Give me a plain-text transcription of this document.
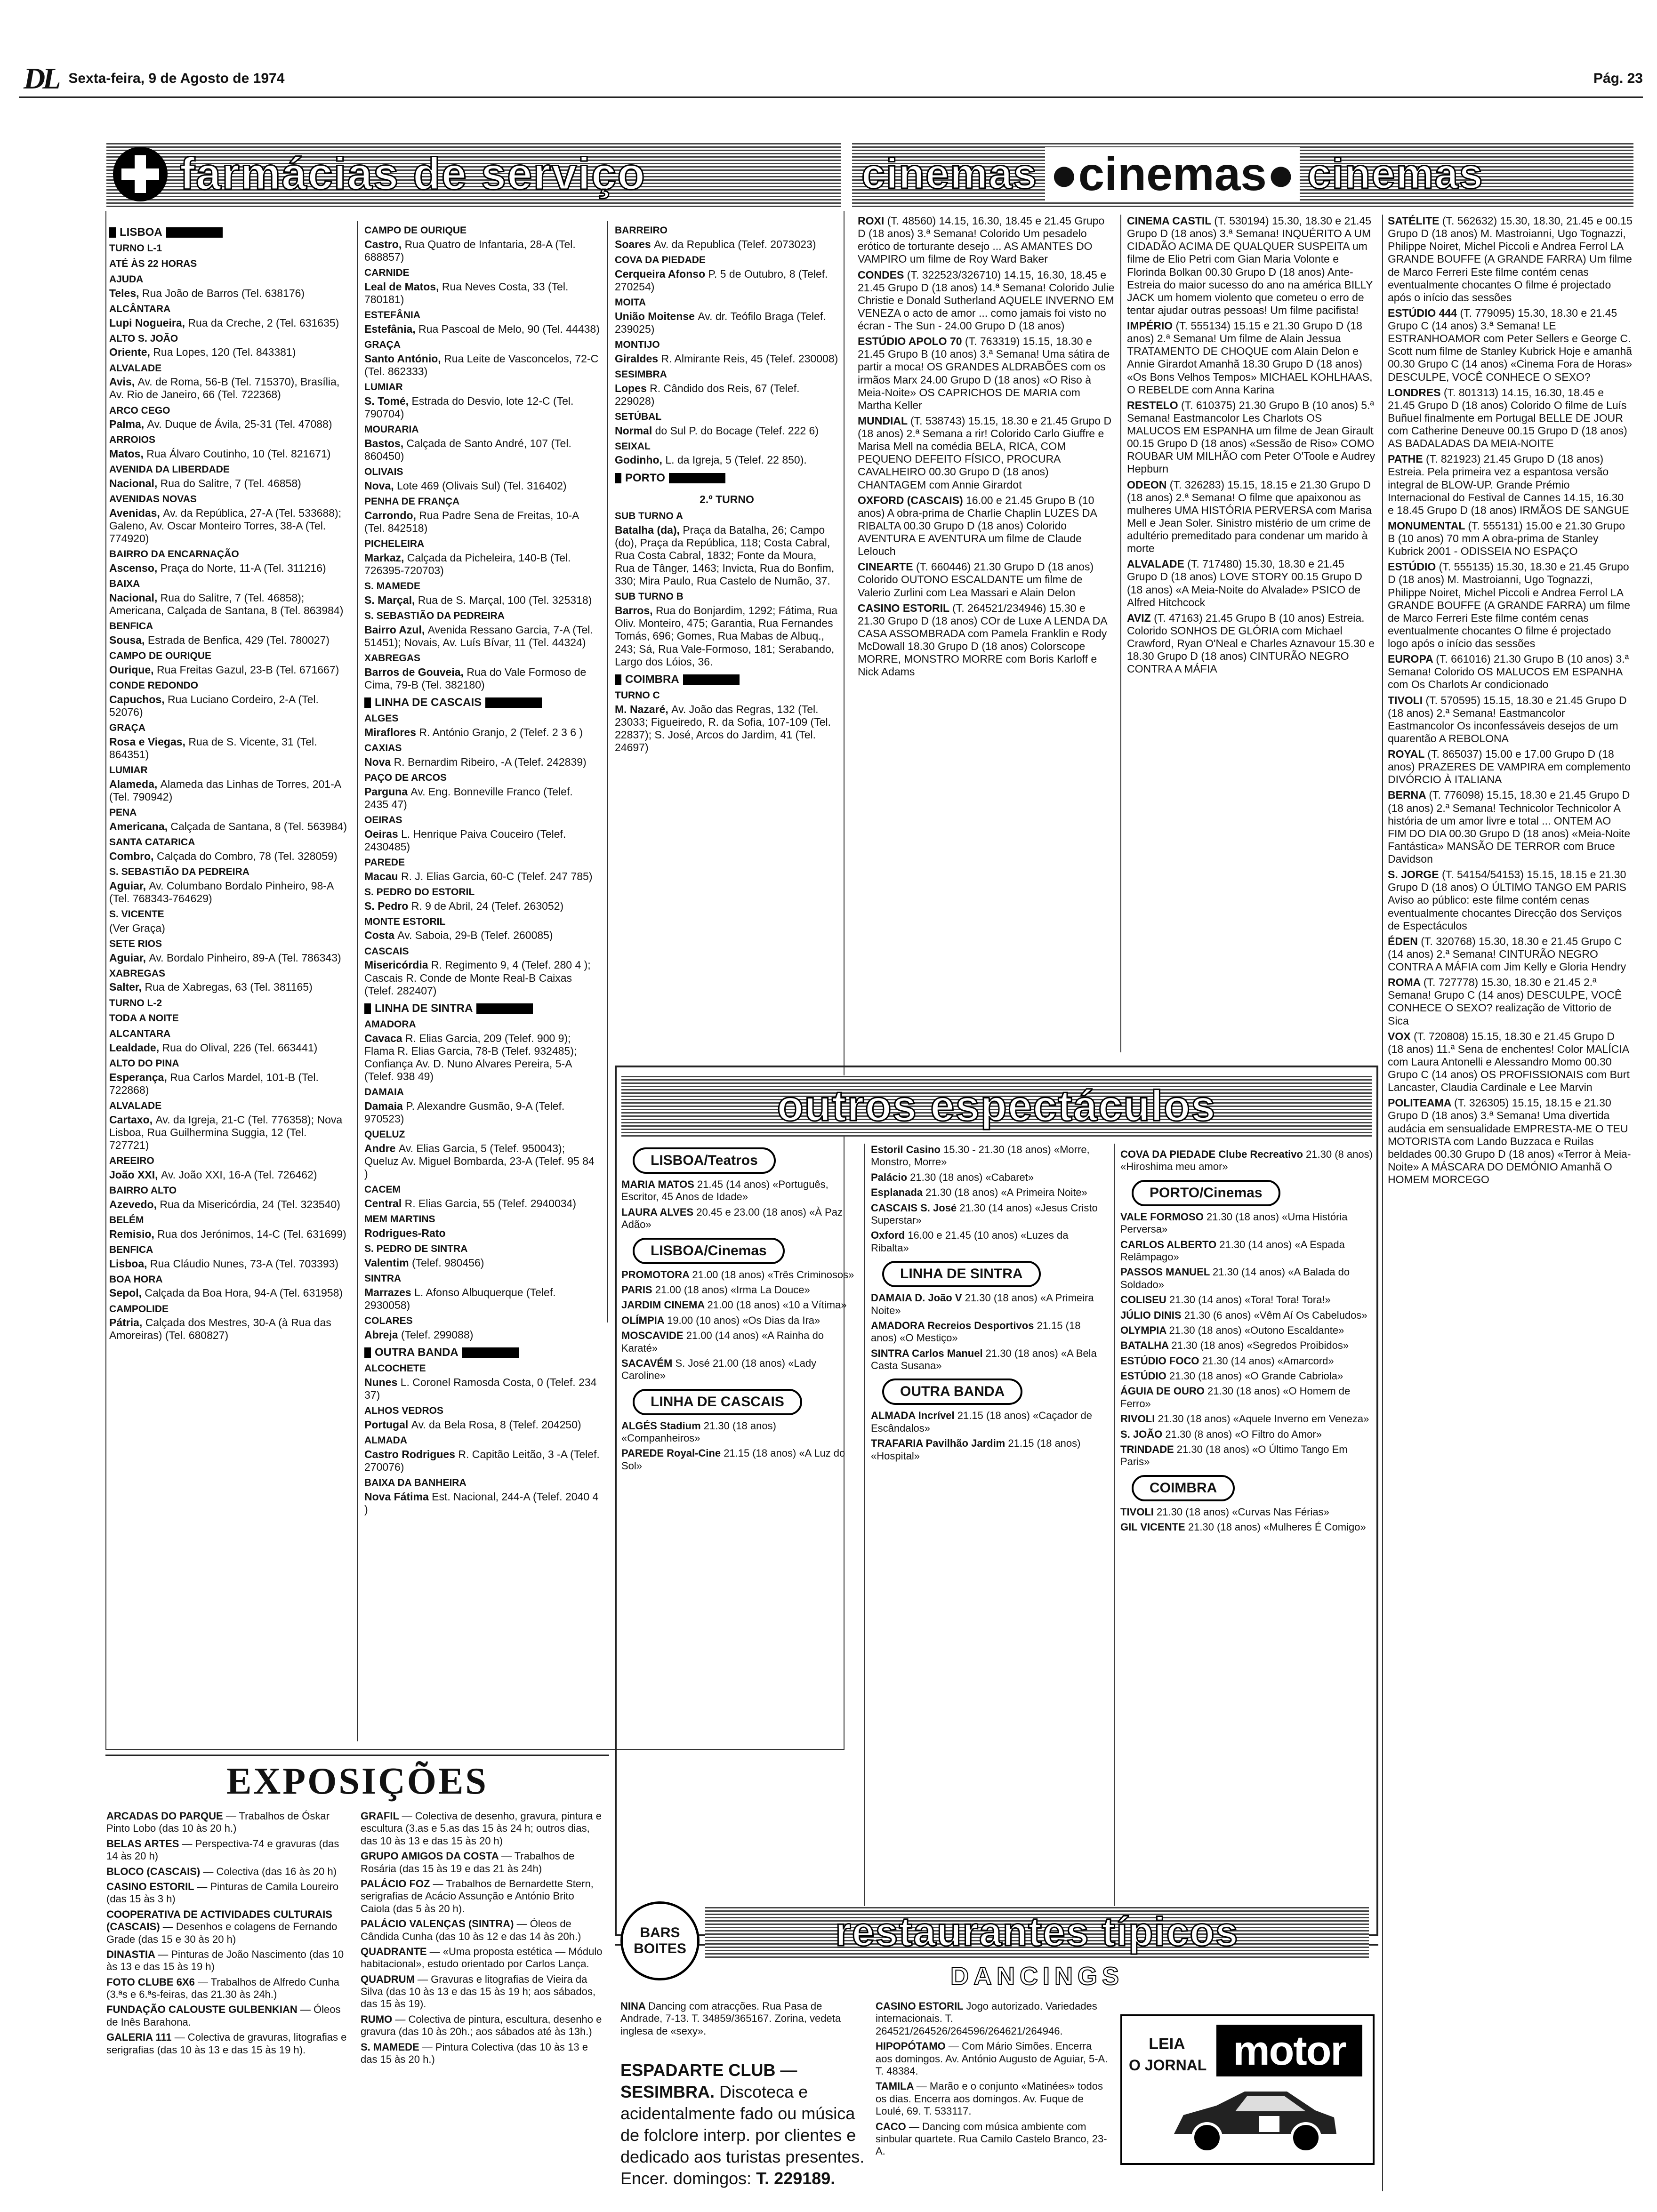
DL Sexta-feira, 9 de Agosto de 1974	Pág. 23
farmácias de serviço
LISBOA
TURNO L-1
ATÉ ÀS 22 HORAS
AJUDA
Teles, Rua João de Barros (Tel. 638176)
ALCÂNTARA
Lupi Nogueira, Rua da Creche, 2 (Tel. 631635)
ALTO S. JOÃO
Oriente, Rua Lopes, 120 (Tel. 843381)
ALVALADE
Avis, Av. de Roma, 56-B (Tel. 715370), Brasília, Av. Rio de Janeiro, 66 (Tel. 722368)
ARCO CEGO
Palma, Av. Duque de Ávila, 25-31 (Tel. 47088)
ARROIOS
Matos, Rua Álvaro Coutinho, 10 (Tel. 821671)
AVENIDA DA LIBERDADE
Nacional, Rua do Salitre, 7 (Tel. 46858)
AVENIDAS NOVAS
Avenidas, Av. da República, 27-A (Tel. 533688); Galeno, Av. Oscar Monteiro Torres, 38-A (Tel. 774920)
BAIRRO DA ENCARNAÇÃO
Ascenso, Praça do Norte, 11-A (Tel. 311216)
BAIXA
Nacional, Rua do Salitre, 7 (Tel. 46858); Americana, Calçada de Santana, 8 (Tel. 863984)
BENFICA
Sousa, Estrada de Benfica, 429 (Tel. 780027)
CAMPO DE OURIQUE
Ourique, Rua Freitas Gazul, 23-B (Tel. 671667)
CONDE REDONDO
Capuchos, Rua Luciano Cordeiro, 2-A (Tel. 52076)
GRAÇA
Rosa e Viegas, Rua de S. Vicente, 31 (Tel. 864351)
LUMIAR
Alameda, Alameda das Linhas de Torres, 201-A (Tel. 790942)
PENA
Americana, Calçada de Santana, 8 (Tel. 563984)
SANTA CATARICA
Combro, Calçada do Combro, 78 (Tel. 328059)
S. SEBASTIÃO DA PEDREIRA
Aguiar, Av. Columbano Bordalo Pinheiro, 98-A (Tel. 768343-764629)
S. VICENTE
(Ver Graça)
SETE RIOS
Aguiar, Av. Bordalo Pinheiro, 89-A (Tel. 786343)
XABREGAS
Salter, Rua de Xabregas, 63 (Tel. 381165)
TURNO L-2
TODA A NOITE
ALCANTARA
Lealdade, Rua do Olival, 226 (Tel. 663441)
ALTO DO PINA
Esperança, Rua Carlos Mardel, 101-B (Tel. 722868)
ALVALADE
Cartaxo, Av. da Igreja, 21-C (Tel. 776358); Nova Lisboa, Rua Guilhermina Suggia, 12 (Tel. 727721)
AREEIRO
João XXI, Av. João XXI, 16-A (Tel. 726462)
BAIRRO ALTO
Azevedo, Rua da Misericórdia, 24 (Tel. 323540)
BELÉM
Remisio, Rua dos Jerónimos, 14-C (Tel. 631699)
BENFICA
Lisboa, Rua Cláudio Nunes, 73-A (Tel. 703393)
BOA HORA
Sepol, Calçada da Boa Hora, 94-A (Tel. 631958)
CAMPOLIDE
Pátria, Calçada dos Mestres, 30-A (à Rua das Amoreiras) (Tel. 680827)
CAMPO DE OURIQUE
Castro, Rua Quatro de Infantaria, 28-A (Tel. 688857)
CARNIDE
Leal de Matos, Rua Neves Costa, 33 (Tel. 780181)
ESTEFÂNIA
Estefânia, Rua Pascoal de Melo, 90 (Tel. 44438)
GRAÇA
Santo António, Rua Leite de Vasconcelos, 72-C (Tel. 862333)
LUMIAR
S. Tomé, Estrada do Desvio, lote 12-C (Tel. 790704)
MOURARIA
Bastos, Calçada de Santo André, 107 (Tel. 860450)
OLIVAIS
Nova, Lote 469 (Olivais Sul) (Tel. 316402)
PENHA DE FRANÇA
Carrondo, Rua Padre Sena de Freitas, 10-A (Tel. 842518)
PICHELEIRA
Markaz, Calçada da Picheleira, 140-B (Tel. 726395-720703)
S. MAMEDE
S. Marçal, Rua de S. Marçal, 100 (Tel. 325318)
S. SEBASTIÃO DA PEDREIRA
Bairro Azul, Avenida Ressano Garcia, 7-A (Tel. 51451); Novais, Av. Luís Bívar, 11 (Tel. 44324)
XABREGAS
Barros de Gouveia, Rua do Vale Formoso de Cima, 79-B (Tel. 382180)
LINHA DE CASCAIS
ALGES
Miraflores R. António Granjo, 2 (Telef. 2 3 6 )
CAXIAS
Nova R. Bernardim Ribeiro, -A (Telef. 242839)
PAÇO DE ARCOS
Parguna Av. Eng. Bonneville Franco (Telef. 2435 47)
OEIRAS
Oeiras L. Henrique Paiva Couceiro (Telef. 2430485)
PAREDE
Macau R. J. Elias Garcia, 60-C (Telef. 247 785)
S. PEDRO DO ESTORIL
S. Pedro R. 9 de Abril, 24 (Telef. 263052)
MONTE ESTORIL
Costa Av. Saboia, 29-B (Telef. 260085)
CASCAIS
Misericórdia R. Regimento 9, 4 (Telef. 280 4 ); Cascais R. Conde de Monte Real-B Caixas (Telef. 282407)
LINHA DE SINTRA
AMADORA
Cavaca R. Elias Garcia, 209 (Telef. 900 9); Flama R. Elias Garcia, 78-B (Telef. 932485); Confiança Av. D. Nuno Alvares Pereira, 5-A (Telef. 938 49)
DAMAIA
Damaia P. Alexandre Gusmão, 9-A (Telef. 970523)
QUELUZ
Andre Av. Elias Garcia, 5 (Telef. 950043); Queluz Av. Miguel Bombarda, 23-A (Telef. 95 84 )
CACEM
Central R. Elias Garcia, 55 (Telef. 2940034)
MEM MARTINS
Rodrigues-Rato
S. PEDRO DE SINTRA
Valentim (Telef. 980456)
SINTRA
Marrazes L. Afonso Albuquerque (Telef. 2930058)
COLARES
Abreja (Telef. 299088)
OUTRA BANDA
ALCOCHETE
Nunes L. Coronel Ramosda Costa, 0 (Telef. 234 37)
ALHOS VEDROS
Portugal Av. da Bela Rosa, 8 (Telef. 204250)
ALMADA
Castro Rodrigues R. Capitão Leitão, 3 -A (Telef. 270076)
BAIXA DA BANHEIRA
Nova Fátima Est. Nacional, 244-A (Telef. 2040 4 )
BARREIRO
Soares Av. da Republica (Telef. 2073023)
COVA DA PIEDADE
Cerqueira Afonso P. 5 de Outubro, 8 (Telef. 270254)
MOITA
União Moitense Av. dr. Teófilo Braga (Telef. 239025)
MONTIJO
Giraldes R. Almirante Reis, 45 (Telef. 230008)
SESIMBRA
Lopes R. Cândido dos Reis, 67 (Telef. 229028)
SETÚBAL
Normal do Sul P. do Bocage (Telef. 222 6)
SEIXAL
Godinho, L. da Igreja, 5 (Telef. 22 850).
PORTO
2.º TURNO
SUB TURNO A
Batalha (da), Praça da Batalha, 26; Campo (do), Praça da República, 118; Costa Cabral, Rua Costa Cabral, 1832; Fonte da Moura, Rua de Tânger, 1463; Invicta, Rua do Bonfim, 330; Mira Paulo, Rua Castelo de Numão, 37.
SUB TURNO B
Barros, Rua do Bonjardim, 1292; Fátima, Rua Oliv. Monteiro, 475; Garantia, Rua Fernandes Tomás, 696; Gomes, Rua Mabas de Albuq., 243; Sá, Rua Vale-Formoso, 181; Serabando, Largo dos Lóios, 36.
COIMBRA
TURNO C
M. Nazaré, Av. João das Regras, 132 (Tel. 23033; Figueiredo, R. da Sofia, 107-109 (Tel. 22837); S. José, Arcos do Jardim, 41 (Tel. 24697)
cinemas ●cinemas● cinemas
ROXI (T. 48560) 14.15, 16.30, 18.45 e 21.45 Grupo D (18 anos) 3.ª Semana! Colorido Um pesadelo erótico de torturante desejo ... AS AMANTES DO VAMPIRO um filme de Roy Ward Baker
CONDES (T. 322523/326710) 14.15, 16.30, 18.45 e 21.45 Grupo D (18 anos) 14.ª Semana! Colorido Julie Christie e Donald Sutherland AQUELE INVERNO EM VENEZA o acto de amor ... como jamais foi visto no écran - The Sun - 24.00 Grupo D (18 anos)
ESTÚDIO APOLO 70 (T. 763319) 15.15, 18.30 e 21.45 Grupo B (10 anos) 3.ª Semana! Uma sátira de partir a moca! OS GRANDES ALDRABÕES com os irmãos Marx 24.00 Grupo D (18 anos) «O Riso à Meia-Noite» OS CAPRICHOS DE MARIA com Martha Keller
MUNDIAL (T. 538743) 15.15, 18.30 e 21.45 Grupo D (18 anos) 2.ª Semana a rir! Colorido Carlo Giuffre e Marisa Mell na comédia BELA, RICA, COM PEQUENO DEFEITO FÍSICO, PROCURA CAVALHEIRO 00.30 Grupo D (18 anos) CHANTAGEM com Annie Girardot
OXFORD (CASCAIS) 16.00 e 21.45 Grupo B (10 anos) A obra-prima de Charlie Chaplin LUZES DA RIBALTA 00.30 Grupo D (18 anos) Colorido AVENTURA E AVENTURA um filme de Claude Lelouch
CINEARTE (T. 660446) 21.30 Grupo D (18 anos) Colorido OUTONO ESCALDANTE um filme de Valerio Zurlini com Lea Massari e Alain Delon
CASINO ESTORIL (T. 264521/234946) 15.30 e 21.30 Grupo D (18 anos) COr de Luxe A LENDA DA CASA ASSOMBRADA com Pamela Franklin e Rody McDowall 18.30 Grupo D (18 anos) Colorscope MORRE, MONSTRO MORRE com Boris Karloff e Nick Adams
CINEMA CASTIL (T. 530194) 15.30, 18.30 e 21.45 Grupo D (18 anos) 3.ª Semana! INQUÉRITO A UM CIDADÃO ACIMA DE QUALQUER SUSPEITA um filme de Elio Petri com Gian Maria Volonte e Florinda Bolkan 00.30 Grupo D (18 anos) Ante-Estreia do maior sucesso do ano na américa BILLY JACK um homem violento que cometeu o erro de tentar ajudar outras pessoas! Um filme pacifista!
IMPÉRIO (T. 555134) 15.15 e 21.30 Grupo D (18 anos) 2.ª Semana! Um filme de Alain Jessua TRATAMENTO DE CHOQUE com Alain Delon e Annie Girardot Amanhã 18.30 Grupo D (18 anos) «Os Bons Velhos Tempos» MICHAEL KOHLHAAS, O REBELDE com Anna Karina
RESTELO (T. 610375) 21.30 Grupo B (10 anos) 5.ª Semana! Eastmancolor Les Charlots OS MALUCOS EM ESPANHA um filme de Jean Girault 00.15 Grupo D (18 anos) «Sessão de Riso» COMO ROUBAR UM MILHÃO com Peter O'Toole e Audrey Hepburn
ODEON (T. 326283) 15.15, 18.15 e 21.30 Grupo D (18 anos) 2.ª Semana! O filme que apaixonou as mulheres UMA HISTÓRIA PERVERSA com Marisa Mell e Jean Soler. Sinistro mistério de um crime de adultério premeditado para condenar um marido à morte
ALVALADE (T. 717480) 15.30, 18.30 e 21.45 Grupo D (18 anos) LOVE STORY 00.15 Grupo D (18 anos) «A Meia-Noite do Alvalade» PSICO de Alfred Hitchcock
AVIZ (T. 47163) 21.45 Grupo B (10 anos) Estreia. Colorido SONHOS DE GLÓRIA com Michael Crawford, Ryan O'Neal e Charles Aznavour 15.30 e 18.30 Grupo D (18 anos) CINTURÃO NEGRO CONTRA A MÁFIA
SATÉLITE (T. 562632) 15.30, 18.30, 21.45 e 00.15 Grupo D (18 anos) M. Mastroianni, Ugo Tognazzi, Philippe Noiret, Michel Piccoli e Andrea Ferrol LA GRANDE BOUFFE (A GRANDE FARRA) Um filme de Marco Ferreri Este filme contém cenas eventualmente chocantes O filme é projectado após o início das sessões
ESTÚDIO 444 (T. 779095) 15.30, 18.30 e 21.45 Grupo C (14 anos) 3.ª Semana! LE ESTRANHOAMOR com Peter Sellers e George C. Scott num filme de Stanley Kubrick Hoje e amanhã 00.30 Grupo C (14 anos) «Cinema Fora de Horas» DESCULPE, VOCÊ CONHECE O SEXO?
LONDRES (T. 801313) 14.15, 16.30, 18.45 e 21.45 Grupo D (18 anos) Colorido O filme de Luís Buñuel finalmente em Portugal BELLE DE JOUR com Catherine Deneuve 00.15 Grupo D (18 anos) AS BADALADAS DA MEIA-NOITE
PATHE (T. 821923) 21.45 Grupo D (18 anos) Estreia. Pela primeira vez a espantosa versão integral de BLOW-UP. Grande Prémio Internacional do Festival de Cannes 14.15, 16.30 e 18.45 Grupo D (18 anos) IRMÃOS DE SANGUE
MONUMENTAL (T. 555131) 15.00 e 21.30 Grupo B (10 anos) 70 mm A obra-prima de Stanley Kubrick 2001 - ODISSEIA NO ESPAÇO
ESTÚDIO (T. 555135) 15.30, 18.30 e 21.45 Grupo D (18 anos) M. Mastroianni, Ugo Tognazzi, Philippe Noiret, Michel Piccoli e Andrea Ferrol LA GRANDE BOUFFE (A GRANDE FARRA) um filme de Marco Ferreri Este filme contém cenas eventualmente chocantes O filme é projectado logo após o início das sessões
EUROPA (T. 661016) 21.30 Grupo B (10 anos) 3.ª Semana! Colorido OS MALUCOS EM ESPANHA com Os Charlots Ar condicionado
TIVOLI (T. 570595) 15.15, 18.30 e 21.45 Grupo D (18 anos) 2.ª Semana! Eastmancolor Eastmancolor Os inconfessáveis desejos de um quarentão A REBOLONA
ROYAL (T. 865037) 15.00 e 17.00 Grupo D (18 anos) PRAZERES DE VAMPIRA em complemento DIVÓRCIO À ITALIANA
BERNA (T. 776098) 15.15, 18.30 e 21.45 Grupo D (18 anos) 2.ª Semana! Technicolor Technicolor A história de um amor livre e total ... ONTEM AO FIM DO DIA 00.30 Grupo D (18 anos) «Meia-Noite Fantástica» MANSÃO DE TERROR com Bruce Davidson
S. JORGE (T. 54154/54153) 15.15, 18.15 e 21.30 Grupo D (18 anos) O ÚLTIMO TANGO EM PARIS Aviso ao público: este filme contém cenas eventualmente chocantes Direcção dos Serviços de Espectáculos
ÉDEN (T. 320768) 15.30, 18.30 e 21.45 Grupo C (14 anos) 2.ª Semana! CINTURÃO NEGRO CONTRA A MÁFIA com Jim Kelly e Gloria Hendry
ROMA (T. 727778) 15.30, 18.30 e 21.45 2.ª Semana! Grupo C (14 anos) DESCULPE, VOCÊ CONHECE O SEXO? realização de Vittorio de Sica
VOX (T. 720808) 15.15, 18.30 e 21.45 Grupo D (18 anos) 11.ª Sena de enchentes! Color MALÍCIA com Laura Antonelli e Alessandro Momo 00.30 Grupo C (14 anos) OS PROFISSIONAIS com Burt Lancaster, Claudia Cardinale e Lee Marvin
POLITEAMA (T. 326305) 15.15, 18.15 e 21.30 Grupo D (18 anos) 3.ª Semana! Uma divertida audácia em sensualidade EMPRESTA-ME O TEU MOTORISTA com Lando Buzzaca e Ruilas beldades 00.30 Grupo D (18 anos) «Terror à Meia-Noite» A MÁSCARA DO DEMÓNIO Amanhã O HOMEM MORCEGO
outros espectáculos
LISBOA/Teatros
MARIA MATOS 21.45 (14 anos) «Português, Escritor, 45 Anos de Idade»
LAURA ALVES 20.45 e 23.00 (18 anos) «À Paz Adão»
LISBOA/Cinemas
PROMOTORA 21.00 (18 anos) «Três Criminosos»
PARIS 21.00 (18 anos) «Irma La Douce»
JARDIM CINEMA 21.00 (18 anos) «10 a Vítima»
OLÍMPIA 19.00 (10 anos) «Os Dias da Ira»
MOSCAVIDE 21.00 (14 anos) «A Rainha do Karaté»
SACAVÉM S. José 21.00 (18 anos) «Lady Caroline»
LINHA DE CASCAIS
ALGÉS Stadium 21.30 (18 anos) «Companheiros»
PAREDE Royal-Cine 21.15 (18 anos) «A Luz do Sol»
Estoril Casino 15.30 - 21.30 (18 anos) «Morre, Monstro, Morre»
Palácio 21.30 (18 anos) «Cabaret»
Esplanada 21.30 (18 anos) «A Primeira Noite»
CASCAIS S. José 21.30 (14 anos) «Jesus Cristo Superstar»
Oxford 16.00 e 21.45 (10 anos) «Luzes da Ribalta»
LINHA DE SINTRA
DAMAIA D. João V 21.30 (18 anos) «A Primeira Noite»
AMADORA Recreios Desportivos 21.15 (18 anos) «O Mestiço»
SINTRA Carlos Manuel 21.30 (18 anos) «A Bela Casta Susana»
OUTRA BANDA
ALMADA Incrível 21.15 (18 anos) «Caçador de Escândalos»
TRAFARIA Pavilhão Jardim 21.15 (18 anos) «Hospital»
COVA DA PIEDADE Clube Recreativo 21.30 (8 anos) «Hiroshima meu amor»
PORTO/Cinemas
VALE FORMOSO 21.30 (18 anos) «Uma História Perversa»
CARLOS ALBERTO 21.30 (14 anos) «A Espada Relâmpago»
PASSOS MANUEL 21.30 (14 anos) «A Balada do Soldado»
COLISEU 21.30 (14 anos) «Tora! Tora! Tora!»
JÚLIO DINIS 21.30 (6 anos) «Vêm Aí Os Cabeludos»
OLYMPIA 21.30 (18 anos) «Outono Escaldante»
BATALHA 21.30 (18 anos) «Segredos Proibidos»
ESTÚDIO FOCO 21.30 (14 anos) «Amarcord»
ESTÚDIO 21.30 (18 anos) «O Grande Cabriola»
ÁGUIA DE OURO 21.30 (18 anos) «O Homem de Ferro»
RIVOLI 21.30 (18 anos) «Aquele Inverno em Veneza»
S. JOÃO 21.30 (8 anos) «O Filtro do Amor»
TRINDADE 21.30 (18 anos) «O Último Tango Em Paris»
COIMBRA
TIVOLI 21.30 (18 anos) «Curvas Nas Férias»
GIL VICENTE 21.30 (18 anos) «Mulheres É Comigo»
EXPOSIÇÕES
ARCADAS DO PARQUE — Trabalhos de Óskar Pinto Lobo (das 10 às 20 h.)
BELAS ARTES — Perspectiva-74 e gravuras (das 14 às 20 h)
BLOCO (CASCAIS) — Colectiva (das 16 às 20 h)
CASINO ESTORIL — Pinturas de Camila Loureiro (das 15 às 3 h)
COOPERATIVA DE ACTIVIDADES CULTURAIS (CASCAIS) — Desenhos e colagens de Fernando Grade (das 15 e 30 às 20 h)
DINASTIA — Pinturas de João Nascimento (das 10 às 13 e das 15 às 19 h)
FOTO CLUBE 6X6 — Trabalhos de Alfredo Cunha (3.ªs e 6.ªs-feiras, das 21.30 às 24h.)
FUNDAÇÃO CALOUSTE GULBENKIAN — Óleos de Inês Barahona.
GALERIA 111 — Colectiva de gravuras, litografias e serigrafias (das 10 às 13 e das 15 às 19 h).
GRAFIL — Colectiva de desenho, gravura, pintura e escultura (3.as e 5.as das 15 às 24 h; outros dias, das 10 às 13 e das 15 às 20 h)
GRUPO AMIGOS DA COSTA — Trabalhos de Rosária (das 15 às 19 e das 21 às 24h)
PALÁCIO FOZ — Trabalhos de Bernardette Stern, serigrafias de Acácio Assunção e António Brito Caiola (das 5 às 20 h).
PALÁCIO VALENÇAS (SINTRA) — Óleos de Cândida Cunha (das 10 às 12 e das 14 às 20h.)
QUADRANTE — «Uma proposta estética — Módulo habitacional», estudo orientado por Carlos Lança.
QUADRUM — Gravuras e litografias de Vieira da Silva (das 10 às 13 e das 15 às 19 h; aos sábados, das 15 às 19).
RUMO — Colectiva de pintura, escultura, desenho e gravura (das 10 às 20h.; aos sábados até às 13h.)
S. MAMEDE — Pintura Colectiva (das 10 às 13 e das 15 às 20 h.)
BARS
BOITES	restaurantes típicos
DANCINGS
NINA Dancing com atracções. Rua Pasa de Andrade, 7-13. T. 34859/365167. Zorina, vedeta inglesa de «sexy».
ESPADARTE CLUB — SESIMBRA. Discoteca e acidentalmente fado ou música de folclore interp. por clientes e dedicado aos turistas presentes. Encer. domingos: T. 229189.
CASINO ESTORIL Jogo autorizado. Variedades internacionais. T. 264521/264526/264596/264621/264946.
HIPOPÓTAMO — Com Mário Simões. Encerra aos domingos. Av. António Augusto de Aguiar, 5-A. T. 48384.
TAMILA — Marão e o conjunto «Matinées» todos os dias. Encerra aos domingos. Av. Fuque de Loulé, 69. T. 533117.
CACO — Dancing com música ambiente com sinbular quartete. Rua Camilo Castelo Branco, 23-A.
LEIA
O JORNAL motor
